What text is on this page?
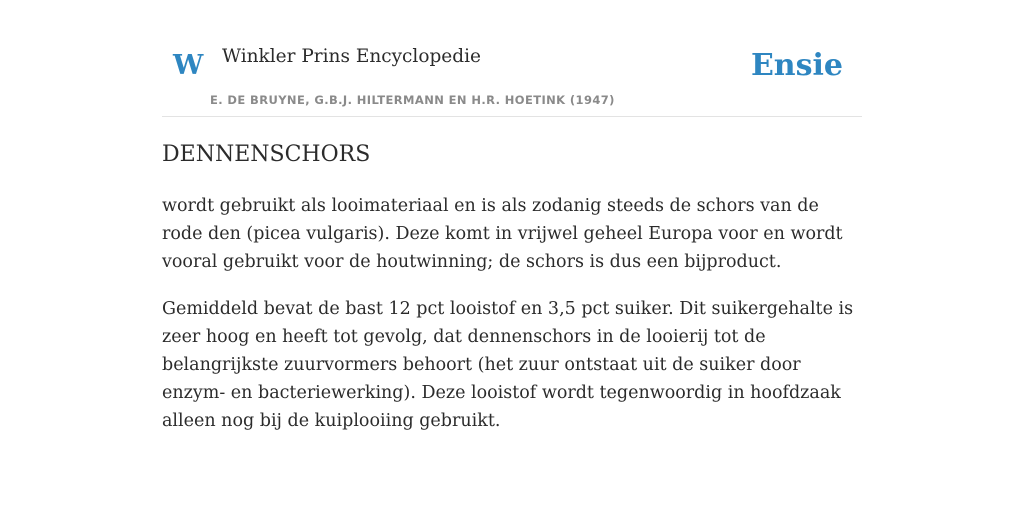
W Winkler Prins Encyclopedie
E. DE BRUYNE, G.B.J. HILTERMANN EN H.R. HOETINK (1947)
Ensie
DENNENSCHORS

wordt gebruikt als looimateriaal en is als zodanig steeds de schors van de rode den (picea vulgaris). Deze komt in vrijwel geheel Europa voor en wordt vooral gebruikt voor de houtwinning; de schors is dus een bijproduct.

Gemiddeld bevat de bast 12 pct looistof en 3,5 pct suiker. Dit suikergehalte is zeer hoog en heeft tot gevolg, dat dennenschors in de looierij tot de belangrijkste zuurvormers behoort (het zuur ontstaat uit de suiker door enzym- en bacteriewerking). Deze looistof wordt tegenwoordig in hoofdzaak alleen nog bij de kuiplooiing gebruikt.
